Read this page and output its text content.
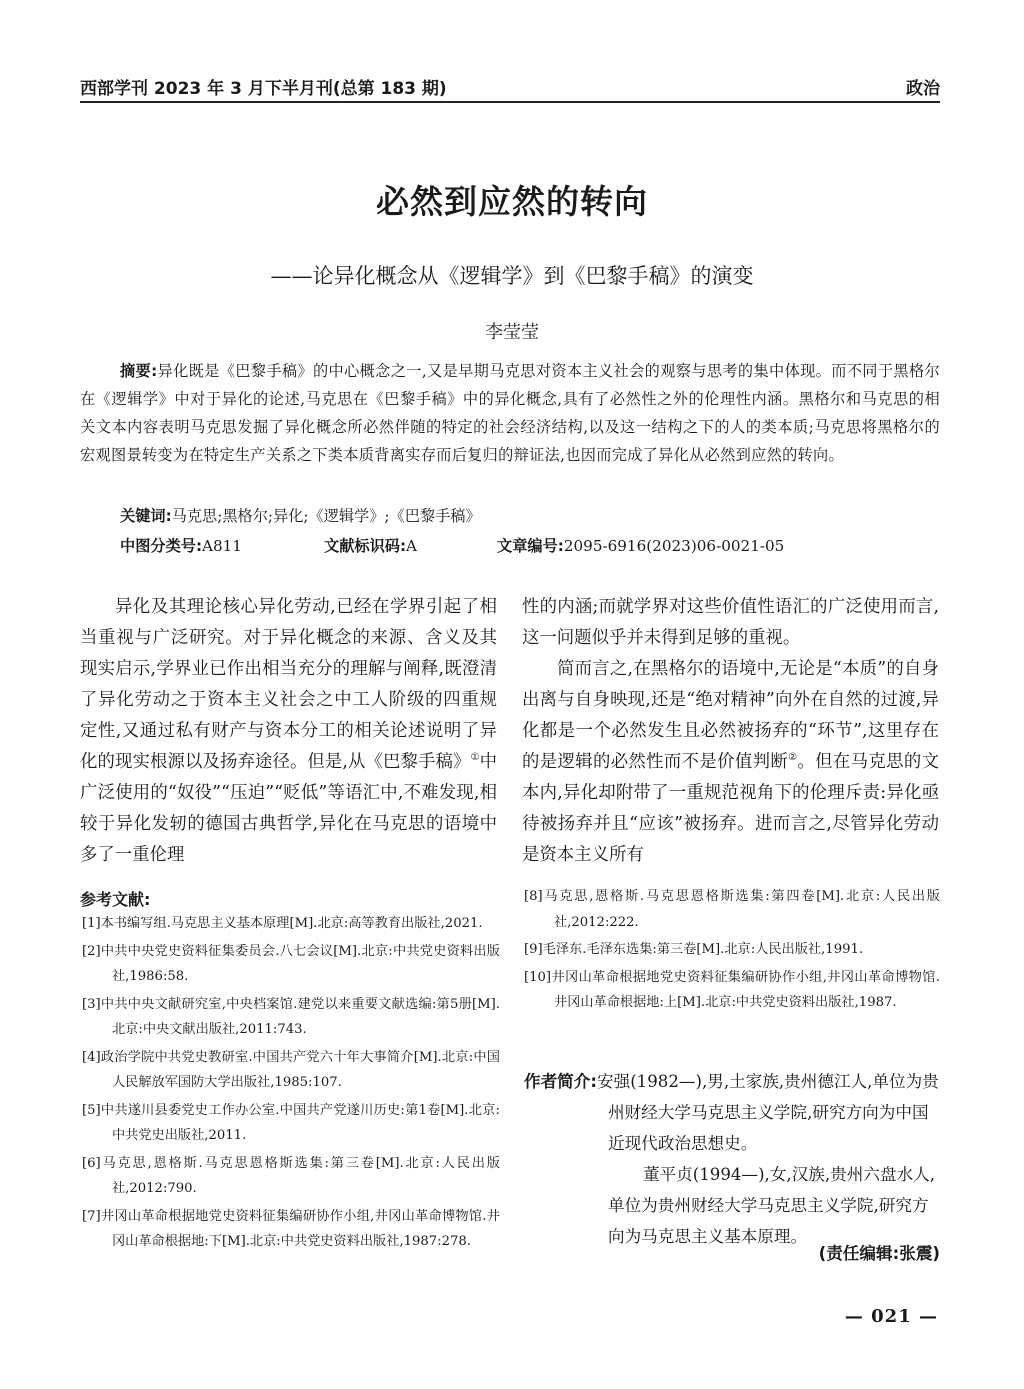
西部学刊 2023 年 3 月下半月刊(总第 183 期)	政治
必然到应然的转向
——论异化概念从《逻辑学》到《巴黎手稿》的演变
李莹莹

摘要:异化既是《巴黎手稿》的中心概念之一,又是早期马克思对资本主义社会的观察与思考的集中体现。而不同于黑格尔在《逻辑学》中对于异化的论述,马克思在《巴黎手稿》中的异化概念,具有了必然性之外的伦理性内涵。黑格尔和马克思的相关文本内容表明马克思发掘了异化概念所必然伴随的特定的社会经济结构,以及这一结构之下的人的类本质;马克思将黑格尔的宏观图景转变为在特定生产关系之下类本质背离实存而后复归的辩证法,也因而完成了异化从必然到应然的转向。

关键词:马克思;黑格尔;异化;《逻辑学》;《巴黎手稿》
中图分类号:A811	文献标识码:A	文章编号:2095-6916(2023)06-0021-05

异化及其理论核心异化劳动,已经在学界引起了相当重视与广泛研究。对于异化概念的来源、含义及其现实启示,学界业已作出相当充分的理解与阐释,既澄清了异化劳动之于资本主义社会之中工人阶级的四重规定性,又通过私有财产与资本分工的相关论述说明了异化的现实根源以及扬弃途径。但是,从《巴黎手稿》①中广泛使用的“奴役”“压迫”“贬低”等语汇中,不难发现,相较于异化发轫的德国古典哲学,异化在马克思的语境中多了一重伦理

性的内涵;而就学界对这些价值性语汇的广泛使用而言,这一问题似乎并未得到足够的重视。

简而言之,在黑格尔的语境中,无论是“本质”的自身出离与自身映现,还是“绝对精神”向外在自然的过渡,异化都是一个必然发生且必然被扬弃的“环节”,这里存在的是逻辑的必然性而不是价值判断②。但在马克思的文本内,异化却附带了一重规范视角下的伦理斥责:异化亟待被扬弃并且“应该”被扬弃。进而言之,尽管异化劳动是资本主义所有

参考文献:

[1]本书编写组.马克思主义基本原理[M].北京:高等教育出版社,2021.

[2]中共中央党史资料征集委员会.八七会议[M].北京:中共党史资料出版社,1986:58.

[3]中共中央文献研究室,中央档案馆.建党以来重要文献选编:第5册[M].北京:中央文献出版社,2011:743.

[4]政治学院中共党史教研室.中国共产党六十年大事简介[M].北京:中国人民解放军国防大学出版社,1985:107.

[5]中共遂川县委党史工作办公室.中国共产党遂川历史:第1卷[M].北京:中共党史出版社,2011.

[6]马克思,恩格斯.马克思恩格斯选集:第三卷[M].北京:人民出版社,2012:790.

[7]井冈山革命根据地党史资料征集编研协作小组,井冈山革命博物馆.井冈山革命根据地:下[M].北京:中共党史资料出版社,1987:278.

[8]马克思,恩格斯.马克思恩格斯选集:第四卷[M].北京:人民出版社,2012:222.

[9]毛泽东.毛泽东选集:第三卷[M].北京:人民出版社,1991.

[10]井冈山革命根据地党史资料征集编研协作小组,井冈山革命博物馆.井冈山革命根据地:上[M].北京:中共党史资料出版社,1987.

作者简介:安强(1982—),男,土家族,贵州德江人,单位为贵州财经大学马克思主义学院,研究方向为中国近现代政治思想史。

董平贞(1994—),女,汉族,贵州六盘水人,单位为贵州财经大学马克思主义学院,研究方向为马克思主义基本原理。

(责任编辑:张震)
— 021 —
